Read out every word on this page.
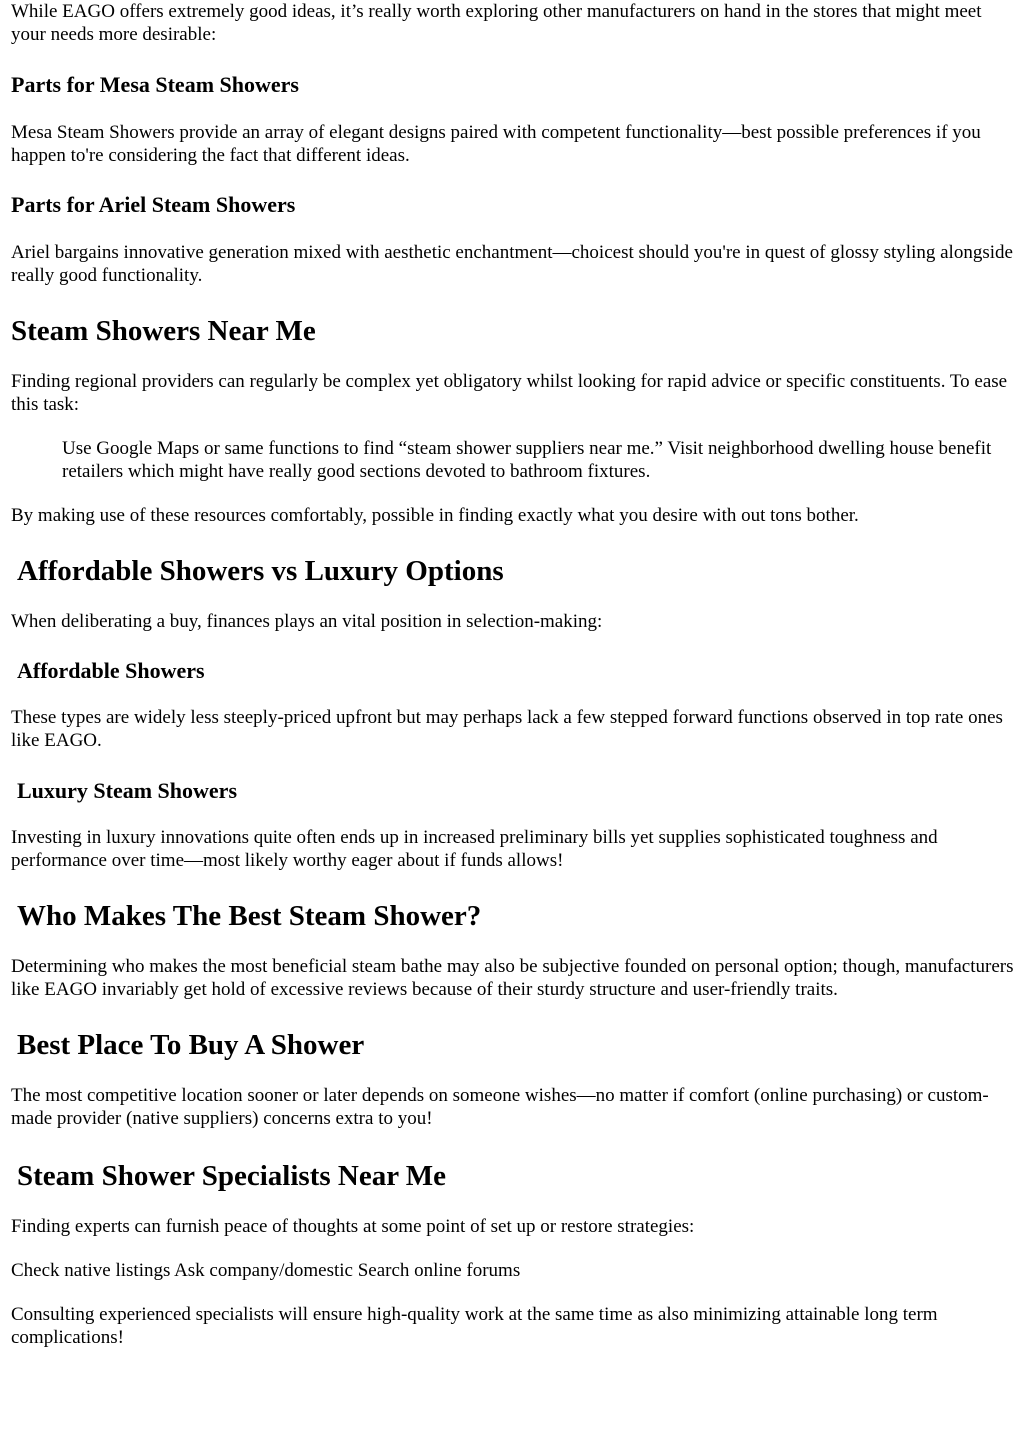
While EAGO offers extremely good ideas, it’s really worth exploring other manufacturers on hand in the stores that might meet your needs more desirable:

Parts for Mesa Steam Showers

Mesa Steam Showers provide an array of elegant designs paired with competent functionality—best possible preferences if you happen to're considering the fact that different ideas.

Parts for Ariel Steam Showers

Ariel bargains innovative generation mixed with aesthetic enchantment—choicest should you're in quest of glossy styling alongside really good functionality.

Steam Showers Near Me

Finding regional providers can regularly be complex yet obligatory whilst looking for rapid advice or specific constituents. To ease this task:

Use Google Maps or same functions to find “steam shower suppliers near me.” Visit neighborhood dwelling house benefit retailers which might have really good sections devoted to bathroom fixtures.

By making use of these resources comfortably, possible in finding exactly what you desire with out tons bother.

Affordable Showers vs Luxury Options

When deliberating a buy, finances plays an vital position in selection-making:

Affordable Showers

These types are widely less steeply-priced upfront but may perhaps lack a few stepped forward functions observed in top rate ones like EAGO.

Luxury Steam Showers

Investing in luxury innovations quite often ends up in increased preliminary bills yet supplies sophisticated toughness and performance over time—most likely worthy eager about if funds allows!

Who Makes The Best Steam Shower?

Determining who makes the most beneficial steam bathe may also be subjective founded on personal option; though, manufacturers like EAGO invariably get hold of excessive reviews because of their sturdy structure and user-friendly traits.

Best Place To Buy A Shower

The most competitive location sooner or later depends on someone wishes—no matter if comfort (online purchasing) or custom-made provider (native suppliers) concerns extra to you!

Steam Shower Specialists Near Me

Finding experts can furnish peace of thoughts at some point of set up or restore strategies:

Check native listings Ask company/domestic Search online forums

Consulting experienced specialists will ensure high-quality work at the same time as also minimizing attainable long term complications!
